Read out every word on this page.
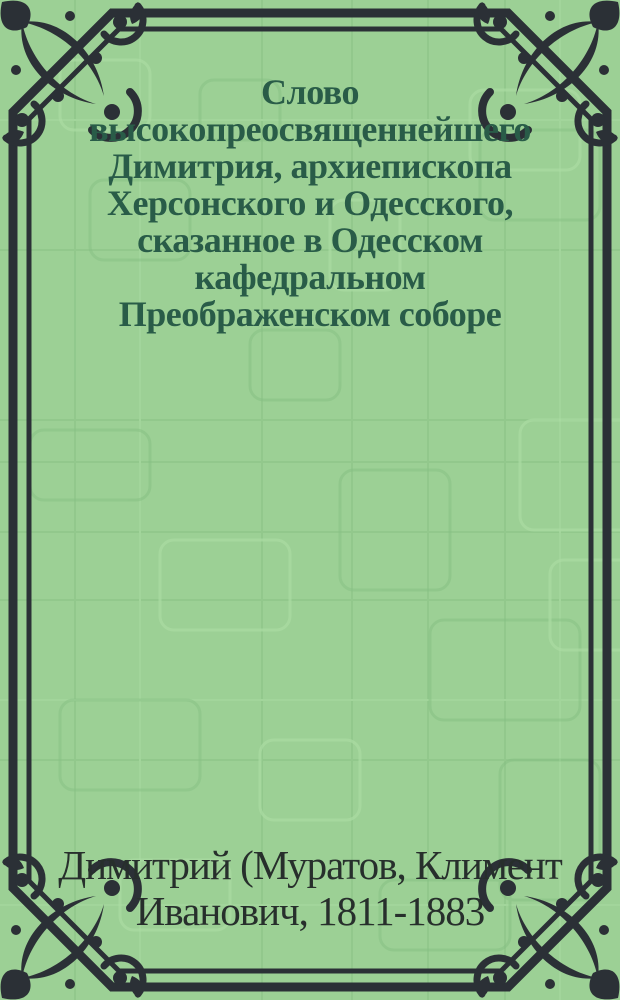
Слово
высокопреосвященнейшего
Димитрия, архиепископа
Херсонского и Одесского,
сказанное в Одесском
кафедральном
Преображенском соборе
Димитрий (Муратов, Климент
Иванович, 1811-1883
